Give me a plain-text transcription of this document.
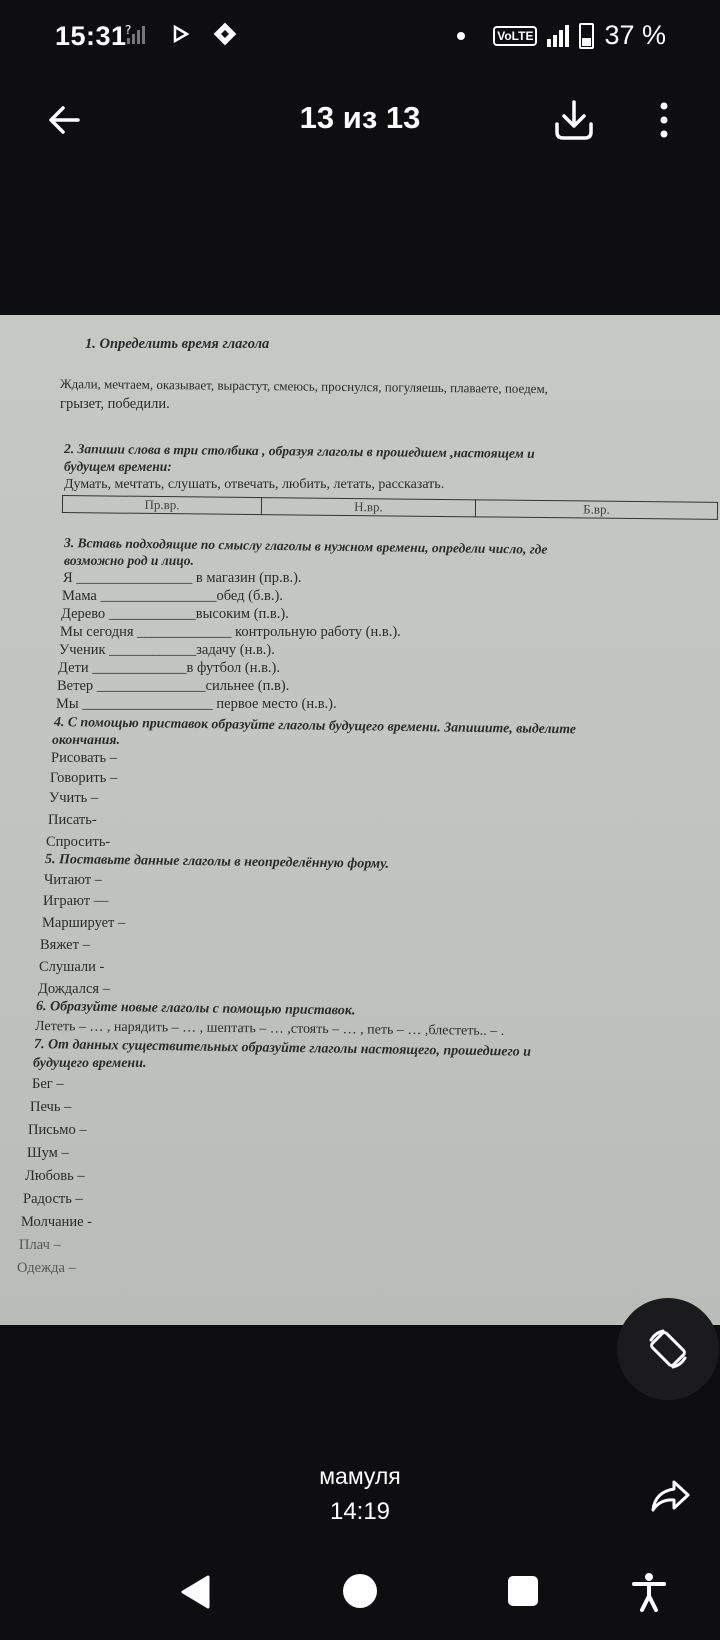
15:31
?	VoLTE	37 %
13 из 13
1. Определить время глагола
Ждали, мечтаем, оказывает, вырастут, смеюсь, проснулся, погуляешь, плаваете, поедем,
грызет, победили.
2. Запиши слова в три столбика , образуя глаголы в прошедшем ,настоящем и
будущем времени:
Думать, мечтать, слушать, отвечать, любить, летать, рассказать.
Пр.вр.	Н.вр.	Б.вр.
3. Вставь подходящие по смыслу глаголы в нужном времени, определи число, где
возможно род и лицо.
Я ________________ в магазин (пр.в.).
Мама ________________обед (б.в.).
Дерево ____________высоким (п.в.).
Мы сегодня _____________ контрольную работу (н.в.).
Ученик ____________задачу (н.в.).
Дети _____________в футбол (н.в.).
Ветер _______________сильнее (п.в).
Мы __________________ первое место (н.в.).
4. С помощью приставок образуйте глаголы будущего времени. Запишите, выделите
окончания.
Рисовать –
Говорить –
Учить –
Писать-
Спросить-
5. Поставьте данные глаголы в неопределённую форму.
Читают –
Играют —
Марширует –
Вяжет –
Слушали -
Дождался –
6. Образуйте новые глаголы с помощью приставок.
Лететь – … , нарядить – … , шептать – … ,стоять – … , петь – … ,блестеть.. – .
7. От данных существительных образуйте глаголы настоящего, прошедшего и
будущего времени.
Бег –
Печь –
Письмо –
Шум –
Любовь –
Радость –
Молчание -
Плач –
Одежда –
мамуля
14:19
